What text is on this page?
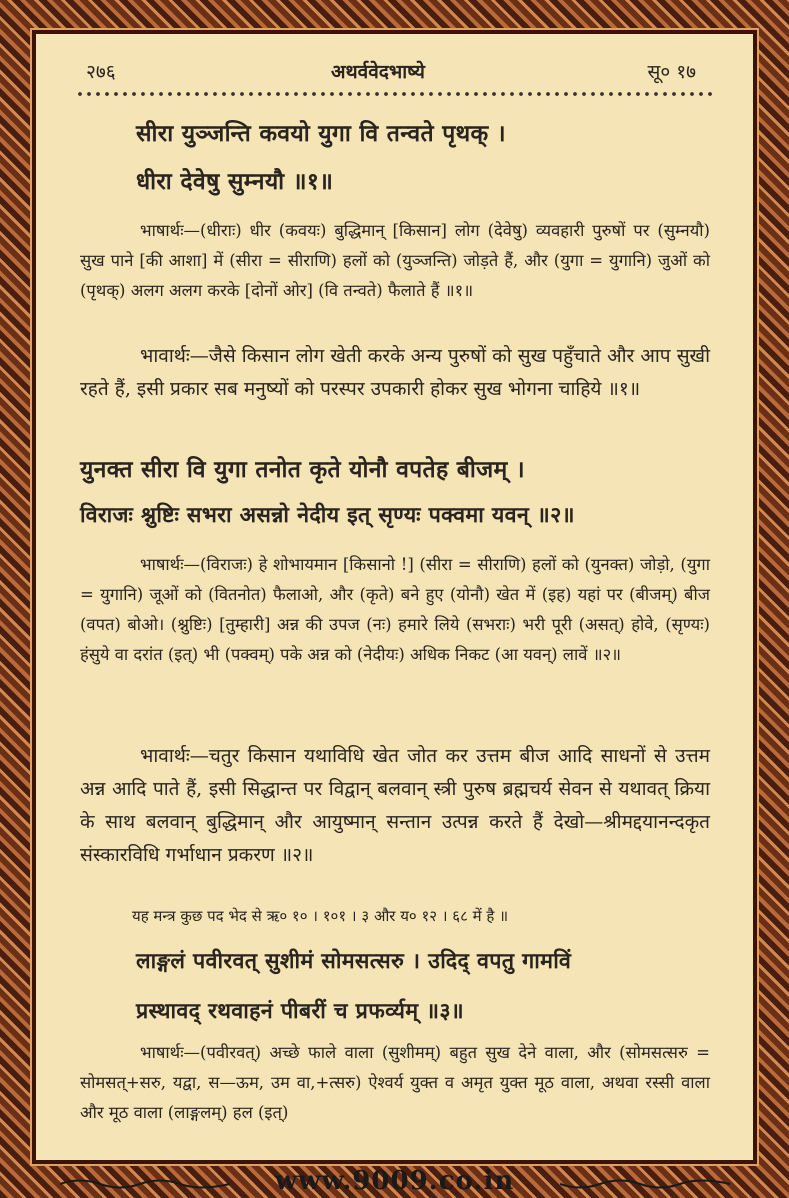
२७६	अथर्ववेदभाष्ये	सू० १७
सीरा युञ्जन्ति कवयो युगा वि तन्वते पृथक् ।
धीरा देवेषु सुम्नयौ ॥१॥
भाषार्थः—(धीराः) धीर (कवयः) बुद्धिमान् [किसान] लोग (देवेषु) व्यवहारी पुरुषों पर (सुम्नयौ) सुख पाने [की आशा] में (सीरा = सीराणि) हलों को (युञ्जन्ति) जोड़ते हैं, और (युगा = युगानि) जुओं को (पृथक्) अलग अलग करके [दोनों ओर] (वि तन्वते) फैलाते हैं ॥१॥
भावार्थः—जैसे किसान लोग खेती करके अन्य पुरुषों को सुख पहुँचाते और आप सुखी रहते हैं, इसी प्रकार सब मनुष्यों को परस्पर उपकारी होकर सुख भोगना चाहिये ॥१॥
युनक्त सीरा वि युगा तनोत कृते योनौ वपतेह बीजम् ।
विराजः श्नुष्टिः सभरा असन्नो नेदीय इत् सृण्यः पक्वमा यवन् ॥२॥
भाषार्थः—(विराजः) हे शोभायमान [किसानो !] (सीरा = सीराणि) हलों को (युनक्त) जोड़ो, (युगा = युगानि) जूओं को (वितनोत) फैलाओ, और (कृते) बने हुए (योनौ) खेत में (इह) यहां पर (बीजम्) बीज (वपत) बोओ। (श्नुष्टिः) [तुम्हारी] अन्न की उपज (नः) हमारे लिये (सभराः) भरी पूरी (असत्) होवे, (सृण्यः) हंसुये वा दरांत (इत्) भी (पक्वम्) पके अन्न को (नेदीयः) अधिक निकट (आ यवन्) लावें ॥२॥
भावार्थः—चतुर किसान यथाविधि खेत जोत कर उत्तम बीज आदि साधनों से उत्तम अन्न आदि पाते हैं, इसी सिद्धान्त पर विद्वान् बलवान् स्त्री पुरुष ब्रह्मचर्य सेवन से यथावत् क्रिया के साथ बलवान् बुद्धिमान् और आयुष्मान् सन्तान उत्पन्न करते हैं देखो—श्रीमद्दयानन्दकृत संस्कारविधि गर्भाधान प्रकरण ॥२॥
यह मन्त्र कुछ पद भेद से ऋ० १० । १०१ । ३ और य० १२ । ६८ में है ॥
लाङ्गलं पवीरवत् सुशीमं सोमसत्सरु । उदिद् वपतु गामविं
प्रस्थावद् रथवाहनं पीबरीं च प्रफर्व्यम् ॥३॥
भाषार्थः—(पवीरवत्) अच्छे फाले वाला (सुशीमम्) बहुत सुख देने वाला, और (सोमसत्सरु = सोमसत्+सरु, यद्वा, स—ऊम, उम वा,+त्सरु) ऐश्वर्य युक्त व अमृत युक्त मूठ वाला, अथवा रस्सी वाला और मूठ वाला (लाङ्गलम्) हल (इत्)
www.9009.co.in
